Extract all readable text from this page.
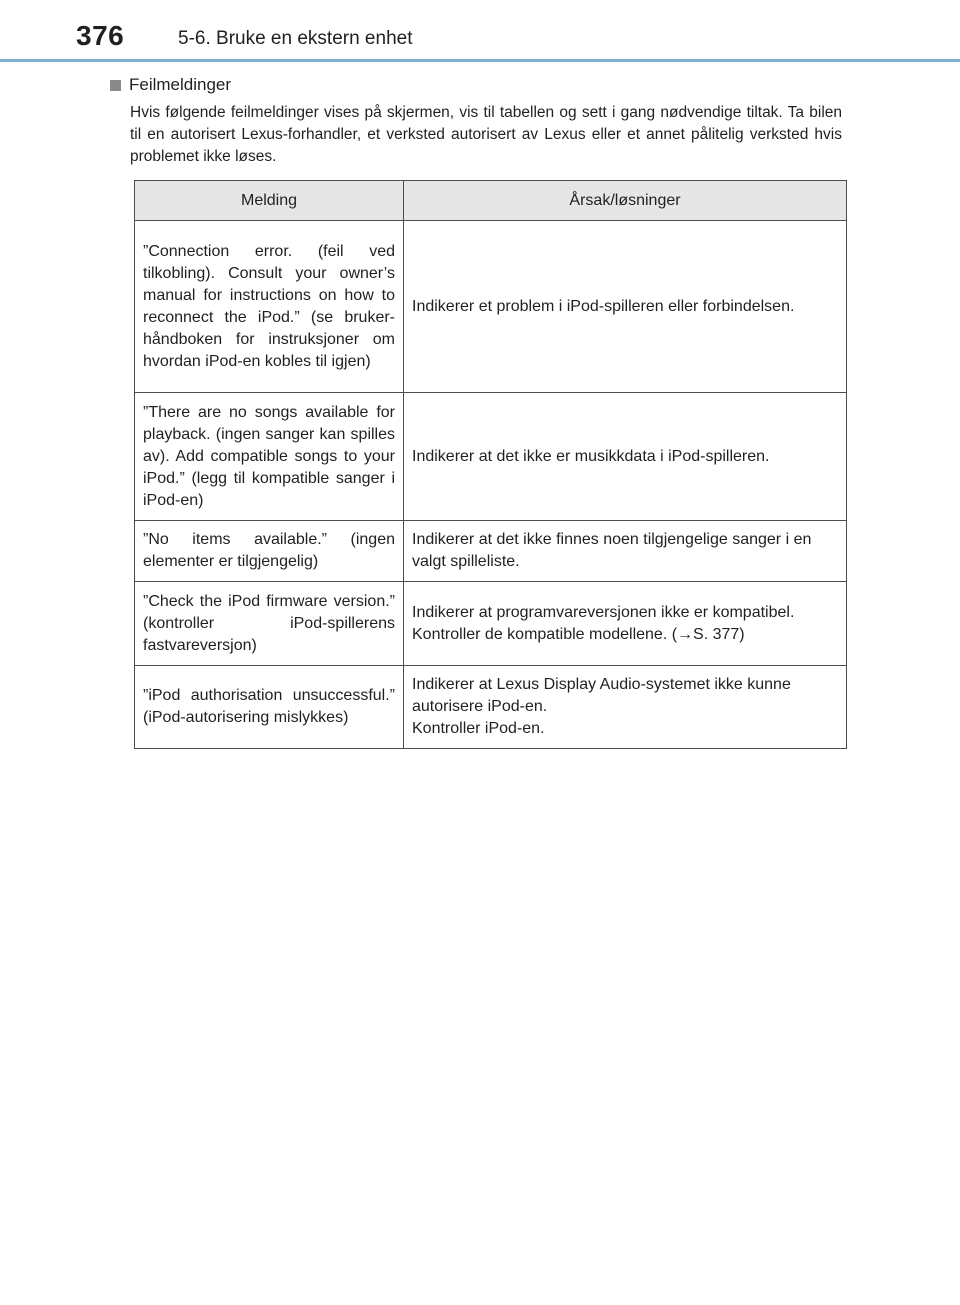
376	5-6. Bruke en ekstern enhet
Feilmeldinger
Hvis følgende feilmeldinger vises på skjermen, vis til tabellen og sett i gang nødvendige tiltak. Ta bilen til en autorisert Lexus-forhandler, et verksted autorisert av Lexus eller et annet pålitelig verksted hvis problemet ikke løses.
Melding	Årsak/løsninger
”Connection error. (feil ved tilkobling). Consult your owner’s manual for instructions on how to reconnect the iPod.” (se brukerhåndboken for instruksjoner om hvordan iPod-en kobles til igjen)	Indikerer et problem i iPod-spilleren eller forbindelsen.

”There are no songs available for playback. (ingen sanger kan spilles av). Add compatible songs to your iPod.” (legg til kompatible sanger i iPod-en)	Indikerer at det ikke er musikkdata i iPod-spilleren.

”No items available.” (ingen elementer er tilgjengelig)	Indikerer at det ikke finnes noen tilgjengelige sanger i en valgt spilleliste.

”Check the iPod firmware version.” (kontroller iPod-spillerens fastvareversjon)	Indikerer at programvareversjonen ikke er kompatibel.
Kontroller de kompatible modellene. (→S. 377)

”iPod authorisation unsuccessful.” (iPod-autorisering mislykkes)	Indikerer at Lexus Display Audio-systemet ikke kunne autorisere iPod-en.
Kontroller iPod-en.
